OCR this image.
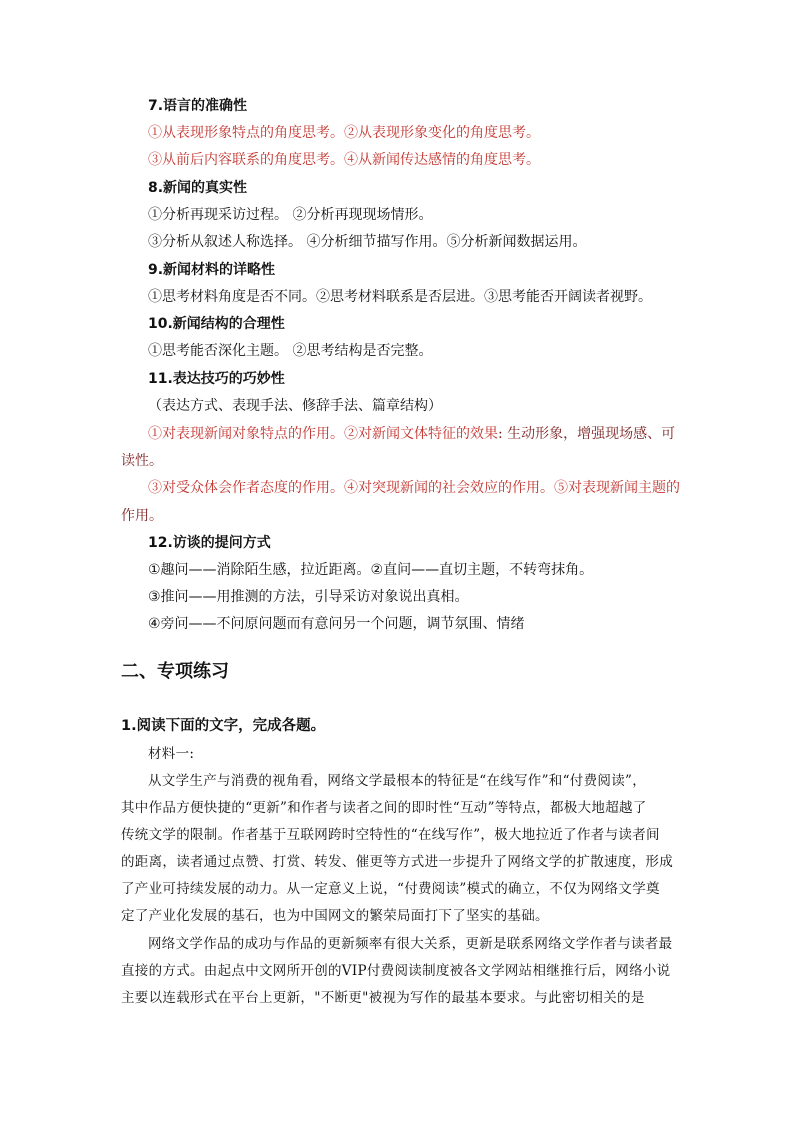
7.语言的准确性
①从表现形象特点的角度思考。②从表现形象变化的角度思考。
③从前后内容联系的角度思考。④从新闻传达感情的角度思考。
8.新闻的真实性
①分析再现采访过程。 ②分析再现现场情形。
③分析从叙述人称选择。 ④分析细节描写作用。⑤分析新闻数据运用。
9.新闻材料的详略性
①思考材料角度是否不同。②思考材料联系是否层进。③思考能否开阔读者视野。
10.新闻结构的合理性
①思考能否深化主题。 ②思考结构是否完整。
11.表达技巧的巧妙性
（表达方式、表现手法、修辞手法、篇章结构）
①对表现新闻对象特点的作用。②对新闻文体特征的效果: 生动形象，增强现场感、可
读性。
③对受众体会作者态度的作用。④对突现新闻的社会效应的作用。⑤对表现新闻主题的
作用。
12.访谈的提问方式
①趣问——消除陌生感，拉近距离。②直问——直切主题，不转弯抹角。
③推问——用推测的方法，引导采访对象说出真相。
④旁问——不问原问题而有意问另一个问题，调节氛围、情绪
二、专项练习
1.阅读下面的文字，完成各题。
材料一:
从文学生产与消费的视角看，网络文学最根本的特征是“在线写作”和“付费阅读”，
其中作品方便快捷的“更新”和作者与读者之间的即时性“互动”等特点，都极大地超越了
传统文学的限制。作者基于互联网跨时空特性的“在线写作”，极大地拉近了作者与读者间
的距离，读者通过点赞、打赏、转发、催更等方式进一步提升了网络文学的扩散速度，形成
了产业可持续发展的动力。从一定意义上说，“付费阅读”模式的确立，不仅为网络文学奠
定了产业化发展的基石，也为中国网文的繁荣局面打下了坚实的基础。
网络文学作品的成功与作品的更新频率有很大关系，更新是联系网络文学作者与读者最
直接的方式。由起点中文网所开创的VIP付费阅读制度被各文学网站相继推行后，网络小说
主要以连载形式在平台上更新，"不断更"被视为写作的最基本要求。与此密切相关的是
